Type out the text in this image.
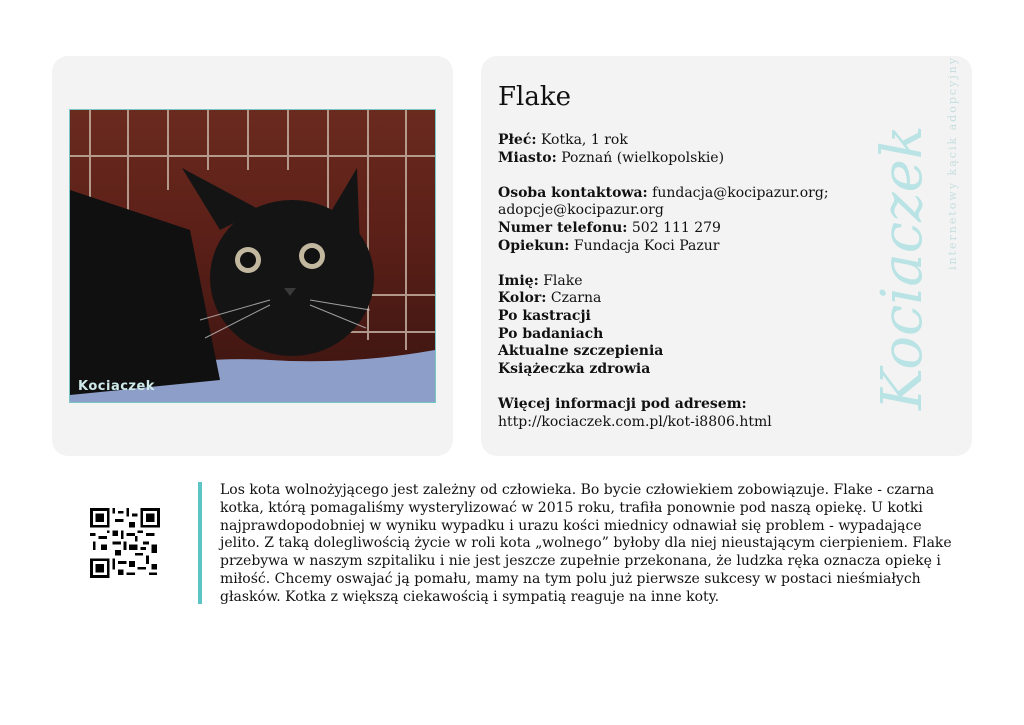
Kociaczek
Flake
Płeć: Kotka, 1 rok
Miasto: Poznań (wielkopolskie)
Osoba kontaktowa: fundacja@kocipazur.org;
adopcje@kocipazur.org
Numer telefonu: 502 111 279
Opiekun: Fundacja Koci Pazur
Imię: Flake
Kolor: Czarna
Po kastracji
Po badaniach
Aktualne szczepienia
Książeczka zdrowia
Więcej informacji pod adresem:
http://kociaczek.com.pl/kot-i8806.html
Kociaczek internetowy kącik adopcyjny
Los kota wolnożyjącego jest zależny od człowieka. Bo bycie człowiekiem zobowiązuje. Flake - czarna kotka, którą pomagaliśmy wysterylizować w 2015 roku, trafiła ponownie pod naszą opiekę. U kotki najprawdopodobniej w wyniku wypadku i urazu kości miednicy odnawiał się problem - wypadające jelito. Z taką dolegliwością życie w roli kota „wolnego” byłoby dla niej nieustającym cierpieniem. Flake przebywa w naszym szpitaliku i nie jest jeszcze zupełnie przekonana, że ludzka ręka oznacza opiekę i miłość. Chcemy oswajać ją pomału, mamy na tym polu już pierwsze sukcesy w postaci nieśmiałych głasków. Kotka z większą ciekawością i sympatią reaguje na inne koty.
